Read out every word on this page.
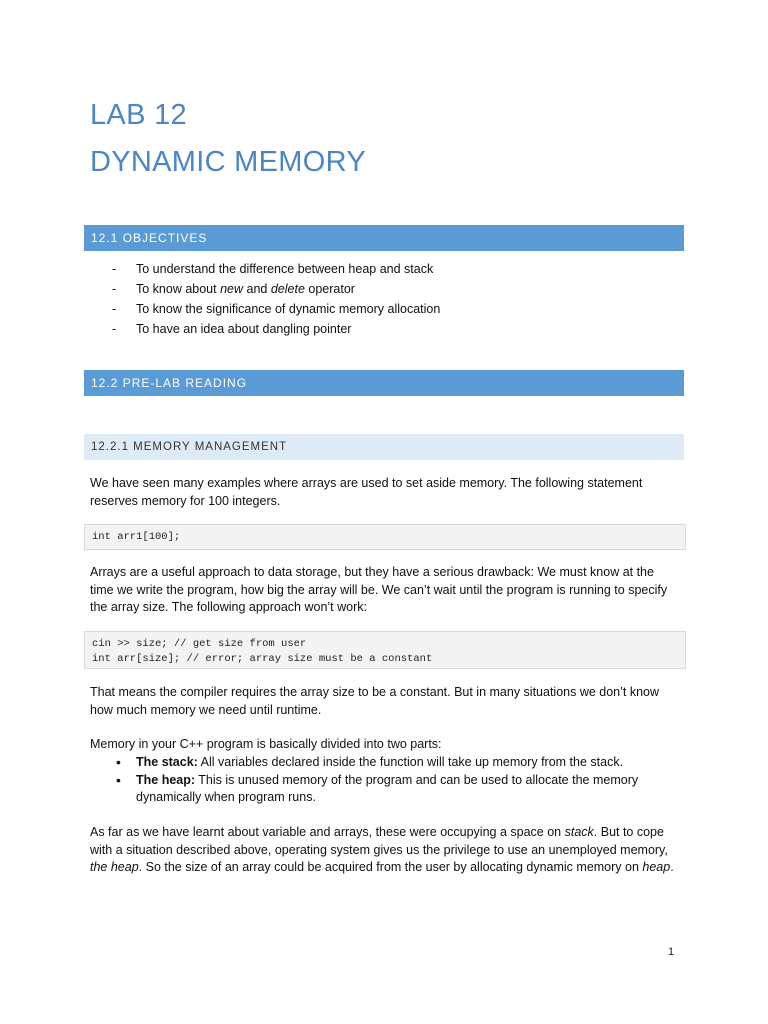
LAB 12
DYNAMIC MEMORY
12.1 OBJECTIVES
- To understand the difference between heap and stack
- To know about new and delete operator
- To know the significance of dynamic memory allocation
- To have an idea about dangling pointer
12.2 PRE-LAB READING
12.2.1 MEMORY MANAGEMENT

We have seen many examples where arrays are used to set aside memory. The following statement reserves memory for 100 integers.

int arr1[100];

Arrays are a useful approach to data storage, but they have a serious drawback: We must know at the time we write the program, how big the array will be. We can’t wait until the program is running to specify the array size. The following approach won’t work:

cin >> size; // get size from user
int arr[size]; // error; array size must be a constant

That means the compiler requires the array size to be a constant. But in many situations we don’t know how much memory we need until runtime.

Memory in your C++ program is basically divided into two parts:

• The stack: All variables declared inside the function will take up memory from the stack.
• The heap: This is unused memory of the program and can be used to allocate the memory dynamically when program runs.

As far as we have learnt about variable and arrays, these were occupying a space on stack. But to cope with a situation described above, operating system gives us the privilege to use an unemployed memory, the heap. So the size of an array could be acquired from the user by allocating dynamic memory on heap.

1
